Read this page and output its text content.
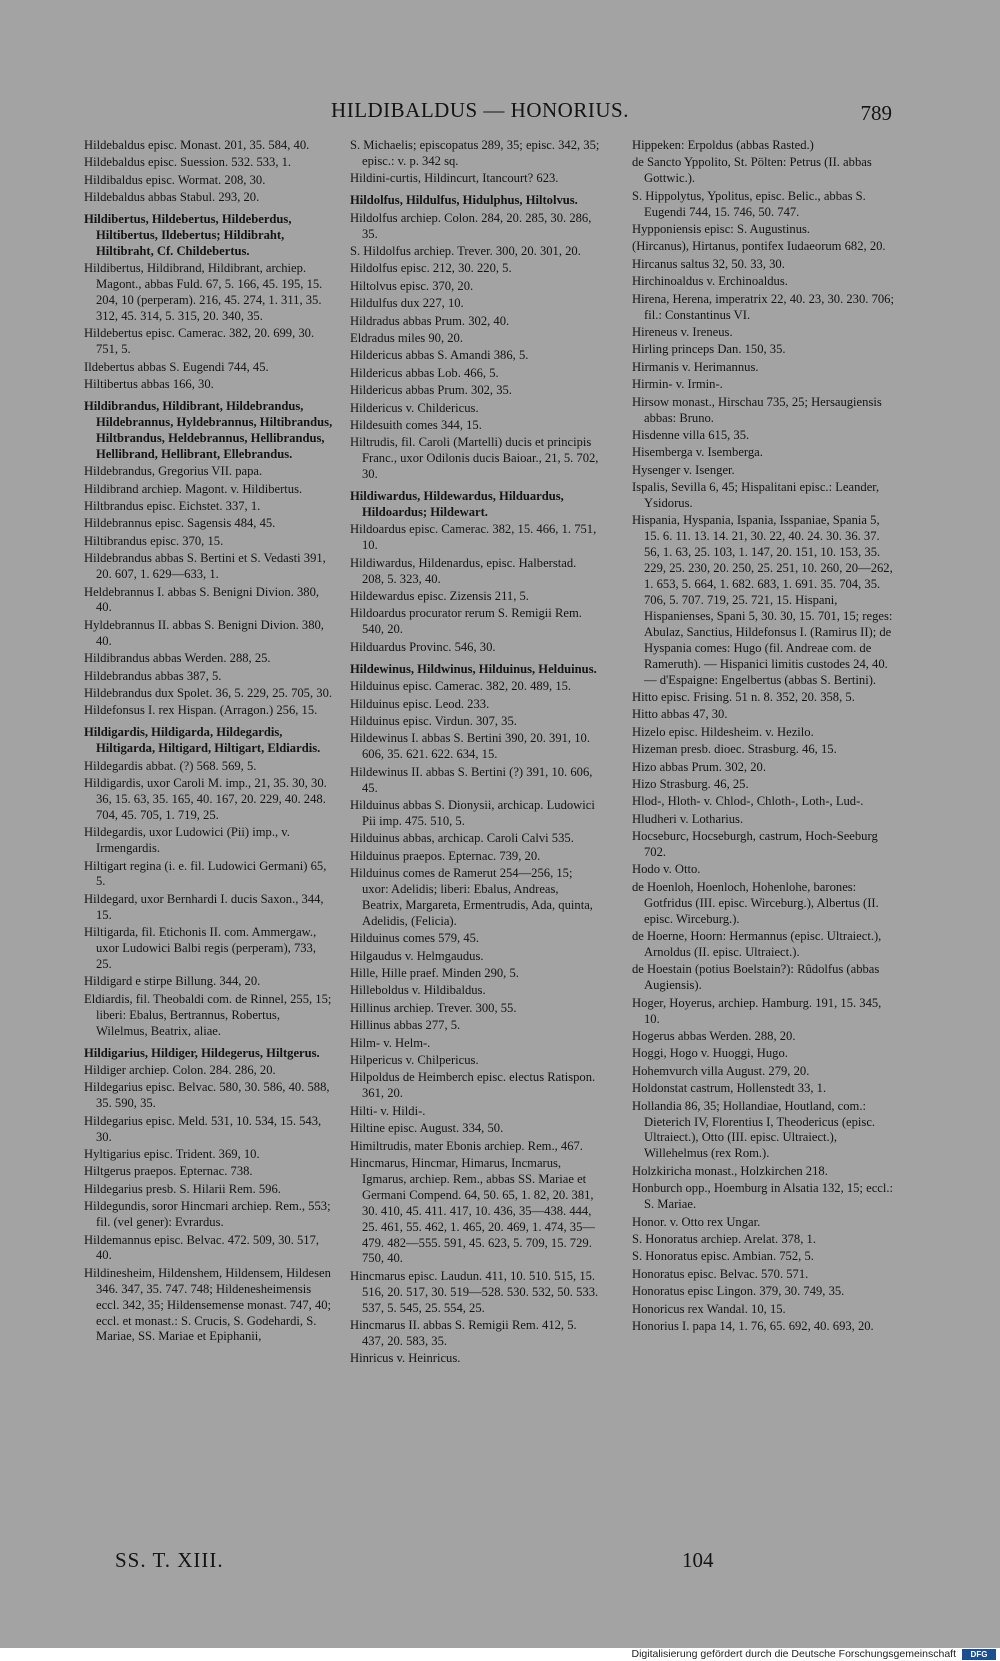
HILDIBALDUS — HONORIUS.	789
Hildebaldus episc. Monast. 201, 35. 584, 40.
Hildebaldus episc. Suession. 532. 533, 1.
Hildibaldus episc. Wormat. 208, 30.
Hildebaldus abbas Stabul. 293, 20.
Hildibertus, Hildebertus, Hildeberdus, Hiltibertus, Ildebertus; Hildibraht, Hiltibraht, Cf. Childebertus.
Hildibertus, Hildibrand, Hildibrant, archiep. Magont., abbas Fuld. 67, 5. 166, 45. 195, 15. 204, 10 (perperam). 216, 45. 274, 1. 311, 35. 312, 45. 314, 5. 315, 20. 340, 35.
Hildebertus episc. Camerac. 382, 20. 699, 30. 751, 5.
Ildebertus abbas S. Eugendi 744, 45.
Hiltibertus abbas 166, 30.
Hildibrandus, Hildibrant, Hildebrandus, Hildebrannus, Hyldebrannus, Hiltibrandus, Hiltbrandus, Heldebrannus, Hellibrandus, Hellibrand, Hellibrant, Ellebrandus.
Hildebrandus, Gregorius VII. papa.
Hildibrand archiep. Magont. v. Hildibertus.
Hiltbrandus episc. Eichstet. 337, 1.
Hildebrannus episc. Sagensis 484, 45.
Hiltibrandus episc. 370, 15.
Hildebrandus abbas S. Bertini et S. Vedasti 391, 20. 607, 1. 629—633, 1.
Heldebrannus I. abbas S. Benigni Divion. 380, 40.
Hyldebrannus II. abbas S. Benigni Divion. 380, 40.
Hildibrandus abbas Werden. 288, 25.
Hildebrandus abbas 387, 5.
Hildebrandus dux Spolet. 36, 5. 229, 25. 705, 30.
Hildefonsus I. rex Hispan. (Arragon.) 256, 15.
Hildigardis, Hildigarda, Hildegardis, Hiltigarda, Hiltigard, Hiltigart, Eldiardis.
Hildegardis abbat. (?) 568. 569, 5.
Hildigardis, uxor Caroli M. imp., 21, 35. 30, 30. 36, 15. 63, 35. 165, 40. 167, 20. 229, 40. 248. 704, 45. 705, 1. 719, 25.
Hildegardis, uxor Ludowici (Pii) imp., v. Irmengardis.
Hiltigart regina (i. e. fil. Ludowici Germani) 65, 5.
Hildegard, uxor Bernhardi I. ducis Saxon., 344, 15.
Hiltigarda, fil. Etichonis II. com. Ammergaw., uxor Ludowici Balbi regis (perperam), 733, 25.
Hildigard e stirpe Billung. 344, 20.
Eldiardis, fil. Theobaldi com. de Rinnel, 255, 15; liberi: Ebalus, Bertrannus, Robertus, Wilelmus, Beatrix, aliae.
Hildigarius, Hildiger, Hildegerus, Hiltgerus.
Hildiger archiep. Colon. 284. 286, 20.
Hildegarius episc. Belvac. 580, 30. 586, 40. 588, 35. 590, 35.
Hildegarius episc. Meld. 531, 10. 534, 15. 543, 30.
Hyltigarius episc. Trident. 369, 10.
Hiltgerus praepos. Epternac. 738.
Hildegarius presb. S. Hilarii Rem. 596.
Hildegundis, soror Hincmari archiep. Rem., 553; fil. (vel gener): Evrardus.
Hildemannus episc. Belvac. 472. 509, 30. 517, 40.
Hildinesheim, Hildenshem, Hildensem, Hildesen 346. 347, 35. 747. 748; Hildenesheimensis eccl. 342, 35; Hildensemense monast. 747, 40; eccl. et monast.: S. Crucis, S. Godehardi, S. Mariae, SS. Mariae et Epiphanii,
S. Michaelis; episcopatus 289, 35; episc. 342, 35; episc.: v. p. 342 sq.
Hildini-curtis, Hildincurt, Itancourt? 623.
Hildolfus, Hildulfus, Hidulphus, Hiltolvus.
Hildolfus archiep. Colon. 284, 20. 285, 30. 286, 35.
S. Hildolfus archiep. Trever. 300, 20. 301, 20.
Hildolfus episc. 212, 30. 220, 5.
Hiltolvus episc. 370, 20.
Hildulfus dux 227, 10.
Hildradus abbas Prum. 302, 40.
Eldradus miles 90, 20.
Hildericus abbas S. Amandi 386, 5.
Hildericus abbas Lob. 466, 5.
Hildericus abbas Prum. 302, 35.
Hildericus v. Childericus.
Hildesuith comes 344, 15.
Hiltrudis, fil. Caroli (Martelli) ducis et principis Franc., uxor Odilonis ducis Baioar., 21, 5. 702, 30.
Hildiwardus, Hildewardus, Hilduardus, Hildoardus; Hildewart.
Hildoardus episc. Camerac. 382, 15. 466, 1. 751, 10.
Hildiwardus, Hildenardus, episc. Halberstad. 208, 5. 323, 40.
Hildewardus episc. Zizensis 211, 5.
Hildoardus procurator rerum S. Remigii Rem. 540, 20.
Hilduardus Provinc. 546, 30.
Hildewinus, Hildwinus, Hilduinus, Helduinus.
Hilduinus episc. Camerac. 382, 20. 489, 15.
Hilduinus episc. Leod. 233.
Hilduinus episc. Virdun. 307, 35.
Hildewinus I. abbas S. Bertini 390, 20. 391, 10. 606, 35. 621. 622. 634, 15.
Hildewinus II. abbas S. Bertini (?) 391, 10. 606, 45.
Hilduinus abbas S. Dionysii, archicap. Ludowici Pii imp. 475. 510, 5.
Hilduinus abbas, archicap. Caroli Calvi 535.
Hilduinus praepos. Epternac. 739, 20.
Hilduinus comes de Ramerut 254—256, 15; uxor: Adelidis; liberi: Ebalus, Andreas, Beatrix, Margareta, Ermentrudis, Ada, quinta, Adelidis, (Felicia).
Hilduinus comes 579, 45.
Hilgaudus v. Helmgaudus.
Hille, Hille praef. Minden 290, 5.
Hilleboldus v. Hildibaldus.
Hillinus archiep. Trever. 300, 55.
Hillinus abbas 277, 5.
Hilm- v. Helm-.
Hilpericus v. Chilpericus.
Hilpoldus de Heimberch episc. electus Ratispon. 361, 20.
Hilti- v. Hildi-.
Hiltine episc. August. 334, 50.
Himiltrudis, mater Ebonis archiep. Rem., 467.
Hincmarus, Hincmar, Himarus, Incmarus, Igmarus, archiep. Rem., abbas SS. Mariae et Germani Compend. 64, 50. 65, 1. 82, 20. 381, 30. 410, 45. 411. 417, 10. 436, 35—438. 444, 25. 461, 55. 462, 1. 465, 20. 469, 1. 474, 35—479. 482—555. 591, 45. 623, 5. 709, 15. 729. 750, 40.
Hincmarus episc. Laudun. 411, 10. 510. 515, 15. 516, 20. 517, 30. 519—528. 530. 532, 50. 533. 537, 5. 545, 25. 554, 25.
Hincmarus II. abbas S. Remigii Rem. 412, 5. 437, 20. 583, 35.
Hinricus v. Heinricus.
Hippeken: Erpoldus (abbas Rasted.)
de Sancto Yppolito, St. Pölten: Petrus (II. abbas Gottwic.).
S. Hippolytus, Ypolitus, episc. Belic., abbas S. Eugendi 744, 15. 746, 50. 747.
Hypponiensis episc: S. Augustinus.
(Hircanus), Hirtanus, pontifex Iudaeorum 682, 20.
Hircanus saltus 32, 50. 33, 30.
Hirchinoaldus v. Erchinoaldus.
Hirena, Herena, imperatrix 22, 40. 23, 30. 230. 706; fil.: Constantinus VI.
Hireneus v. Ireneus.
Hirling princeps Dan. 150, 35.
Hirmanis v. Herimannus.
Hirmin- v. Irmin-.
Hirsow monast., Hirschau 735, 25; Hersaugiensis abbas: Bruno.
Hisdenne villa 615, 35.
Hisemberga v. Isemberga.
Hysenger v. Isenger.
Ispalis, Sevilla 6, 45; Hispalitani episc.: Leander, Ysidorus.
Hispania, Hyspania, Ispania, Isspaniae, Spania 5, 15. 6. 11. 13. 14. 21, 30. 22, 40. 24. 30. 36. 37. 56, 1. 63, 25. 103, 1. 147, 20. 151, 10. 153, 35. 229, 25. 230, 20. 250, 25. 251, 10. 260, 20—262, 1. 653, 5. 664, 1. 682. 683, 1. 691. 35. 704, 35. 706, 5. 707. 719, 25. 721, 15. Hispani, Hispanienses, Spani 5, 30. 30, 15. 701, 15; reges: Abulaz, Sanctius, Hildefonsus I. (Ramirus II); de Hyspania comes: Hugo (fil. Andreae com. de Rameruth). — Hispanici limitis custodes 24, 40. — d'Espaigne: Engelbertus (abbas S. Bertini).
Hitto episc. Frising. 51 n. 8. 352, 20. 358, 5.
Hitto abbas 47, 30.
Hizelo episc. Hildesheim. v. Hezilo.
Hizeman presb. dioec. Strasburg. 46, 15.
Hizo abbas Prum. 302, 20.
Hizo Strasburg. 46, 25.
Hlod-, Hloth- v. Chlod-, Chloth-, Loth-, Lud-.
Hludheri v. Lotharius.
Hocseburc, Hocseburgh, castrum, Hoch-Seeburg 702.
Hodo v. Otto.
de Hoenloh, Hoenloch, Hohenlohe, barones: Gotfridus (III. episc. Wirceburg.), Albertus (II. episc. Wirceburg.).
de Hoerne, Hoorn: Hermannus (episc. Ultraiect.), Arnoldus (II. episc. Ultraiect.).
de Hoestain (potius Boelstain?): Rûdolfus (abbas Augiensis).
Hoger, Hoyerus, archiep. Hamburg. 191, 15. 345, 10.
Hogerus abbas Werden. 288, 20.
Hoggi, Hogo v. Huoggi, Hugo.
Hohemvurch villa August. 279, 20.
Holdonstat castrum, Hollenstedt 33, 1.
Hollandia 86, 35; Hollandiae, Houtland, com.: Dieterich IV, Florentius I, Theodericus (episc. Ultraiect.), Otto (III. episc. Ultraiect.), Willehelmus (rex Rom.).
Holzkiricha monast., Holzkirchen 218.
Honburch opp., Hoemburg in Alsatia 132, 15; eccl.: S. Mariae.
Honor. v. Otto rex Ungar.
S. Honoratus archiep. Arelat. 378, 1.
S. Honoratus episc. Ambian. 752, 5.
Honoratus episc. Belvac. 570. 571.
Honoratus episc Lingon. 379, 30. 749, 35.
Honoricus rex Wandal. 10, 15.
Honorius I. papa 14, 1. 76, 65. 692, 40. 693, 20.
SS. T. XIII.	104
Digitalisierung gefördert durch die Deutsche Forschungsgemeinschaft	DFG
